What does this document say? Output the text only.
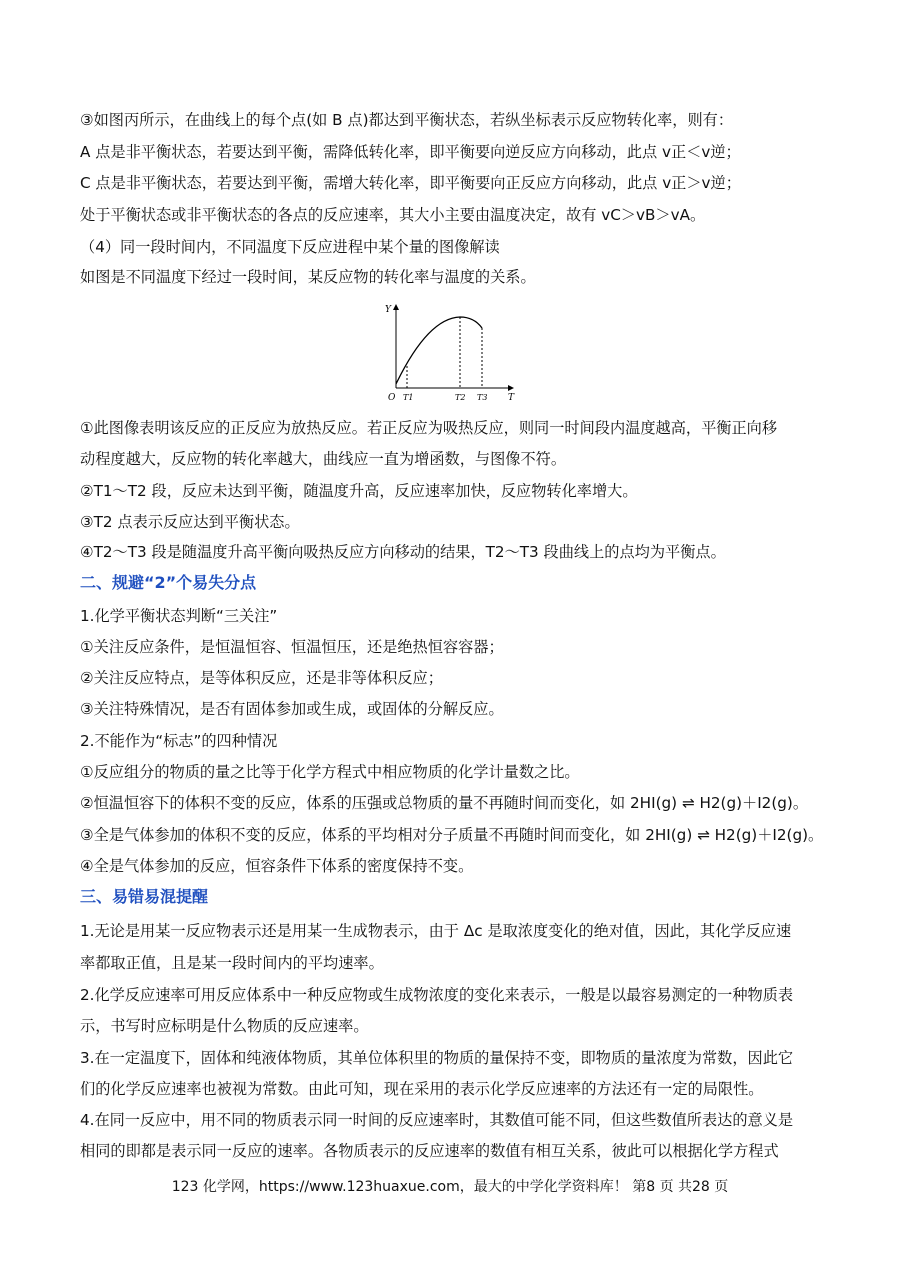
③如图丙所示，在曲线上的每个点(如 B 点)都达到平衡状态，若纵坐标表示反应物转化率，则有：
A 点是非平衡状态，若要达到平衡，需降低转化率，即平衡要向逆反应方向移动，此点 v正＜v逆；
C 点是非平衡状态，若要达到平衡，需增大转化率，即平衡要向正反应方向移动，此点 v正＞v逆；
处于平衡状态或非平衡状态的各点的反应速率，其大小主要由温度决定，故有 vC＞vB＞vA。
（4）同一段时间内，不同温度下反应进程中某个量的图像解读
如图是不同温度下经过一段时间，某反应物的转化率与温度的关系。
Y
T
O T1	T2 T3
①此图像表明该反应的正反应为放热反应。若正反应为吸热反应，则同一时间段内温度越高，平衡正向移
动程度越大，反应物的转化率越大，曲线应一直为增函数，与图像不符。
②T1～T2 段，反应未达到平衡，随温度升高，反应速率加快，反应物转化率增大。
③T2 点表示反应达到平衡状态。
④T2～T3 段是随温度升高平衡向吸热反应方向移动的结果，T2～T3 段曲线上的点均为平衡点。
二、规避“2”个易失分点
1.化学平衡状态判断“三关注”
①关注反应条件，是恒温恒容、恒温恒压，还是绝热恒容容器；
②关注反应特点，是等体积反应，还是非等体积反应；
③关注特殊情况，是否有固体参加或生成，或固体的分解反应。
2.不能作为“标志”的四种情况
①反应组分的物质的量之比等于化学方程式中相应物质的化学计量数之比。
②恒温恒容下的体积不变的反应，体系的压强或总物质的量不再随时间而变化，如 2HI(g) ⇌ H2(g)＋I2(g)。
③全是气体参加的体积不变的反应，体系的平均相对分子质量不再随时间而变化，如 2HI(g) ⇌ H2(g)＋I2(g)。
④全是气体参加的反应，恒容条件下体系的密度保持不变。
三、易错易混提醒
1.无论是用某一反应物表示还是用某一生成物表示，由于 Δc 是取浓度变化的绝对值，因此，其化学反应速
率都取正值，且是某一段时间内的平均速率。
2.化学反应速率可用反应体系中一种反应物或生成物浓度的变化来表示，一般是以最容易测定的一种物质表
示，书写时应标明是什么物质的反应速率。
3.在一定温度下，固体和纯液体物质，其单位体积里的物质的量保持不变，即物质的量浓度为常数，因此它
们的化学反应速率也被视为常数。由此可知，现在采用的表示化学反应速率的方法还有一定的局限性。
4.在同一反应中，用不同的物质表示同一时间的反应速率时，其数值可能不同，但这些数值所表达的意义是
相同的即都是表示同一反应的速率。各物质表示的反应速率的数值有相互关系，彼此可以根据化学方程式
123 化学网，https://www.123huaxue.com，最大的中学化学资料库！ 第8 页 共28 页
